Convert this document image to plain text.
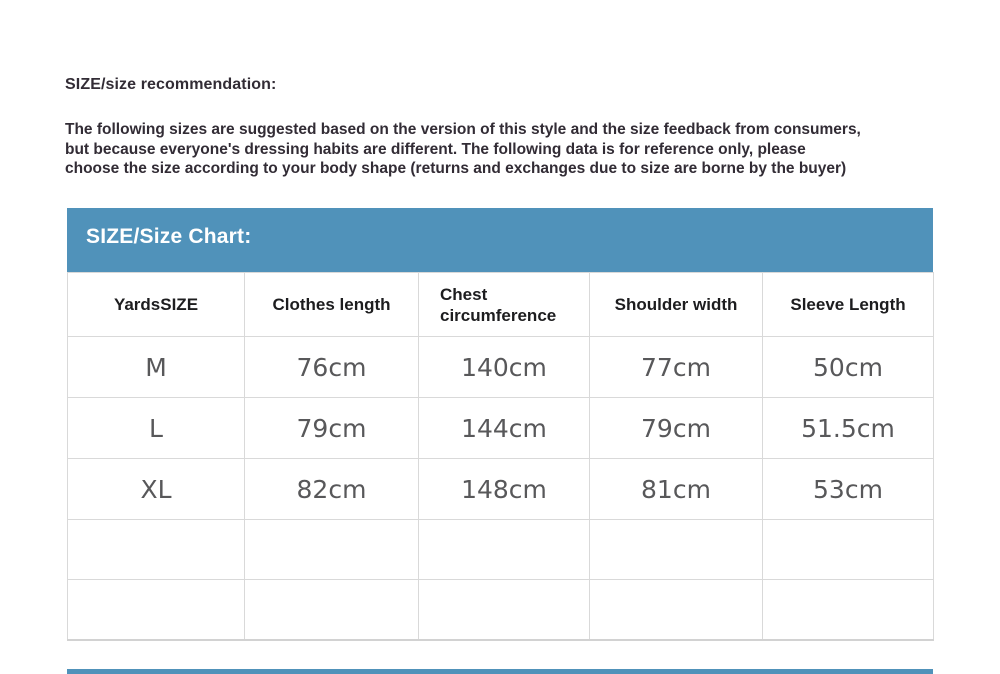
SIZE/size recommendation:
The following sizes are suggested based on the version of this style and the size feedback from consumers,
but because everyone's dressing habits are different. The following data is for reference only, please
choose the size according to your body shape (returns and exchanges due to size are borne by the buyer)
SIZE/Size Chart:
YardsSIZE	Clothes length	Chest circumference	Shoulder width	Sleeve Length
M	76cm	140cm	77cm	50cm
L	79cm	144cm	79cm	51.5cm
XL	82cm	148cm	81cm	53cm
